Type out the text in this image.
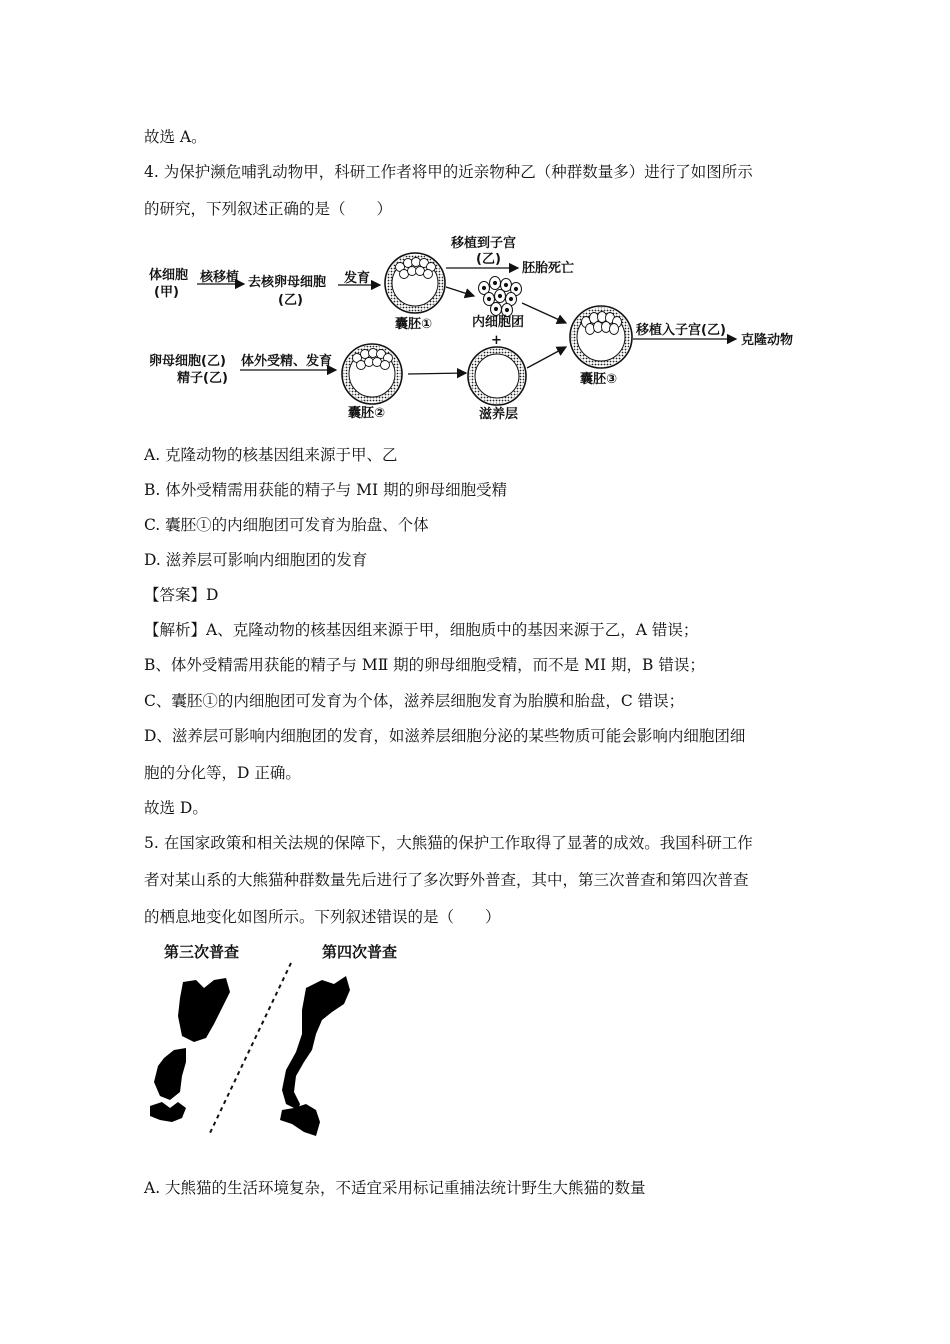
故选 A。
4. 为保护濒危哺乳动物甲，科研工作者将甲的近亲物种乙（种群数量多）进行了如图所示
的研究，下列叙述正确的是（　　）
体细胞
(甲)
核移植 去核卵母细胞
(乙)
发育
囊胚①
移植到子宫
(乙)
胚胎死亡
内细胞团
+
卵母细胞(乙)
精子(乙)
体外受精、发育
囊胚②	滋养层
囊胚③
移植入子宫(乙)
克隆动物
A. 克隆动物的核基因组来源于甲、乙
B. 体外受精需用获能的精子与 MⅠ 期的卵母细胞受精
C. 囊胚①的内细胞团可发育为胎盘、个体
D. 滋养层可影响内细胞团的发育
【答案】D
【解析】A、克隆动物的核基因组来源于甲，细胞质中的基因来源于乙，A 错误；
B、体外受精需用获能的精子与 MⅡ 期的卵母细胞受精，而不是 MⅠ 期，B 错误；
C、囊胚①的内细胞团可发育为个体，滋养层细胞发育为胎膜和胎盘，C 错误；
D、滋养层可影响内细胞团的发育，如滋养层细胞分泌的某些物质可能会影响内细胞团细
胞的分化等，D 正确。
故选 D。
5. 在国家政策和相关法规的保障下，大熊猫的保护工作取得了显著的成效。我国科研工作
者对某山系的大熊猫种群数量先后进行了多次野外普查，其中，第三次普查和第四次普查
的栖息地变化如图所示。下列叙述错误的是（　　）
第三次普查	第四次普查
A. 大熊猫的生活环境复杂，不适宜采用标记重捕法统计野生大熊猫的数量
